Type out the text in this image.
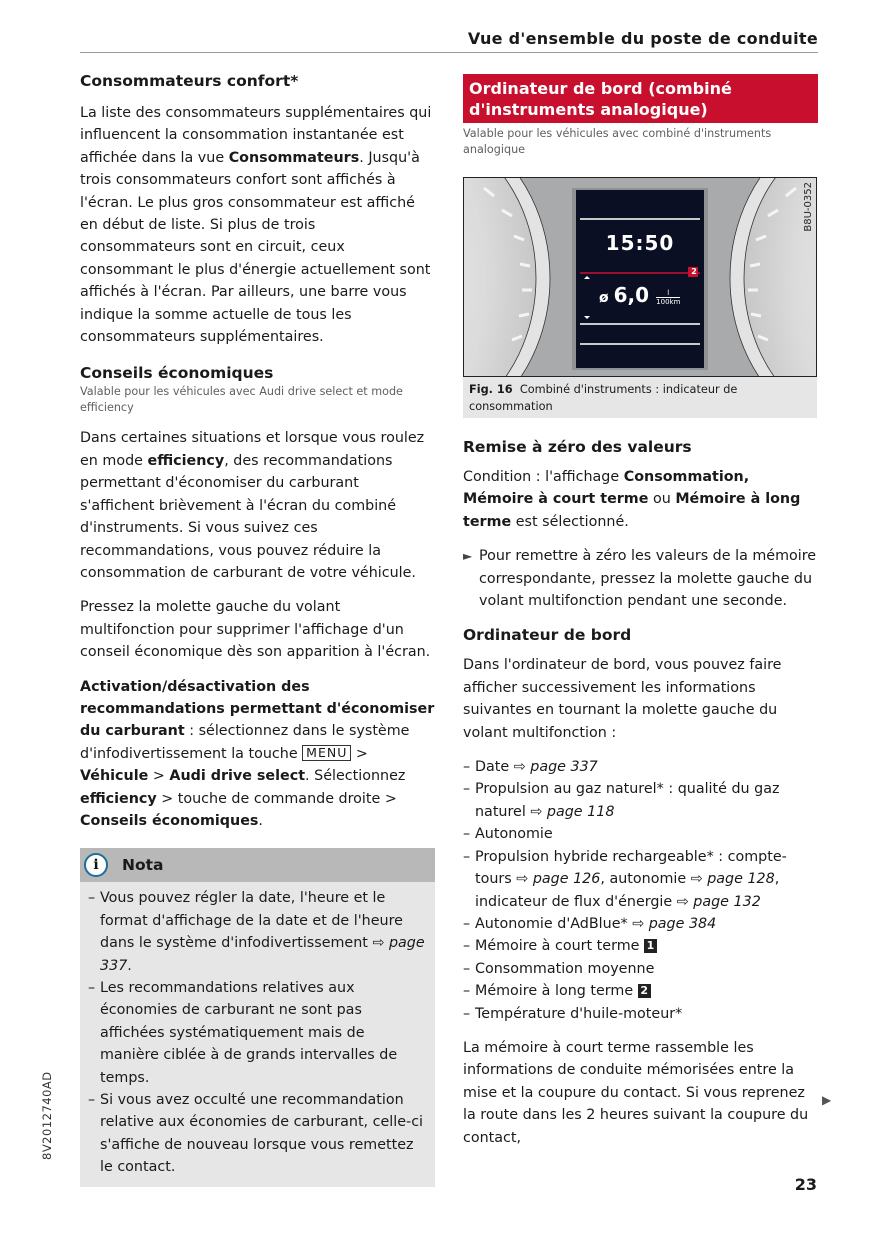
Vue d'ensemble du poste de conduite
Consommateurs confort*

La liste des consommateurs supplémentaires qui influencent la consommation instantanée est affichée dans la vue Consommateurs. Jusqu'à trois consommateurs confort sont affichés à l'écran. Le plus gros consommateur est affiché en début de liste. Si plus de trois consommateurs sont en circuit, ceux consommant le plus d'énergie actuellement sont affichés à l'écran. Par ailleurs, une barre vous indique la somme actuelle de tous les consommateurs supplémentaires.

Conseils économiques

Valable pour les véhicules avec Audi drive select et mode efficiency

Dans certaines situations et lorsque vous roulez en mode efficiency, des recommandations permettant d'économiser du carburant s'affichent brièvement à l'écran du combiné d'instruments. Si vous suivez ces recommandations, vous pouvez réduire la consommation de carburant de votre véhicule.

Pressez la molette gauche du volant multifonction pour supprimer l'affichage d'un conseil économique dès son apparition à l'écran.

Activation/désactivation des recommandations permettant d'économiser du carburant : sélectionnez dans le système d'infodivertissement la touche MENU > Véhicule > Audi drive select. Sélectionnez efficiency > touche de commande droite > Conseils économiques.

i	Nota
– Vous pouvez régler la date, l'heure et le format d'affichage de la date et de l'heure dans le système d'infodivertissement ⇨ page 337.
– Les recommandations relatives aux économies de carburant ne sont pas affichées systématiquement mais de manière ciblée à de grands intervalles de temps.
– Si vous avez occulté une recommandation relative aux économies de carburant, celle-ci s'affiche de nouveau lorsque vous remettez le contact.
Ordinateur de bord (combiné d'instruments analogique)

Valable pour les véhicules avec combiné d'instruments analogique

15:50
2
ø $6,0 \frac{l}{100km}$
B8U-0352
Fig. 16 Combiné d'instruments : indicateur de consommation
Remise à zéro des valeurs

Condition : l'affichage Consommation, Mémoire à court terme ou Mémoire à long terme est sélectionné.

► Pour remettre à zéro les valeurs de la mémoire correspondante, pressez la molette gauche du volant multifonction pendant une seconde.
Ordinateur de bord

Dans l'ordinateur de bord, vous pouvez faire afficher successivement les informations suivantes en tournant la molette gauche du volant multifonction :

– Date ⇨ page 337
– Propulsion au gaz naturel* : qualité du gaz naturel ⇨ page 118
– Autonomie
– Propulsion hybride rechargeable* : compte-tours ⇨ page 126, autonomie ⇨ page 128, indicateur de flux d'énergie ⇨ page 132
– Autonomie d'AdBlue* ⇨ page 384
– Mémoire à court terme 1
– Consommation moyenne
– Mémoire à long terme 2
– Température d'huile-moteur*

La mémoire à court terme rassemble les informations de conduite mémorisées entre la mise et la coupure du contact. Si vous reprenez la route dans les 2 heures suivant la coupure du contact,

▶
8V2012740AD
23
